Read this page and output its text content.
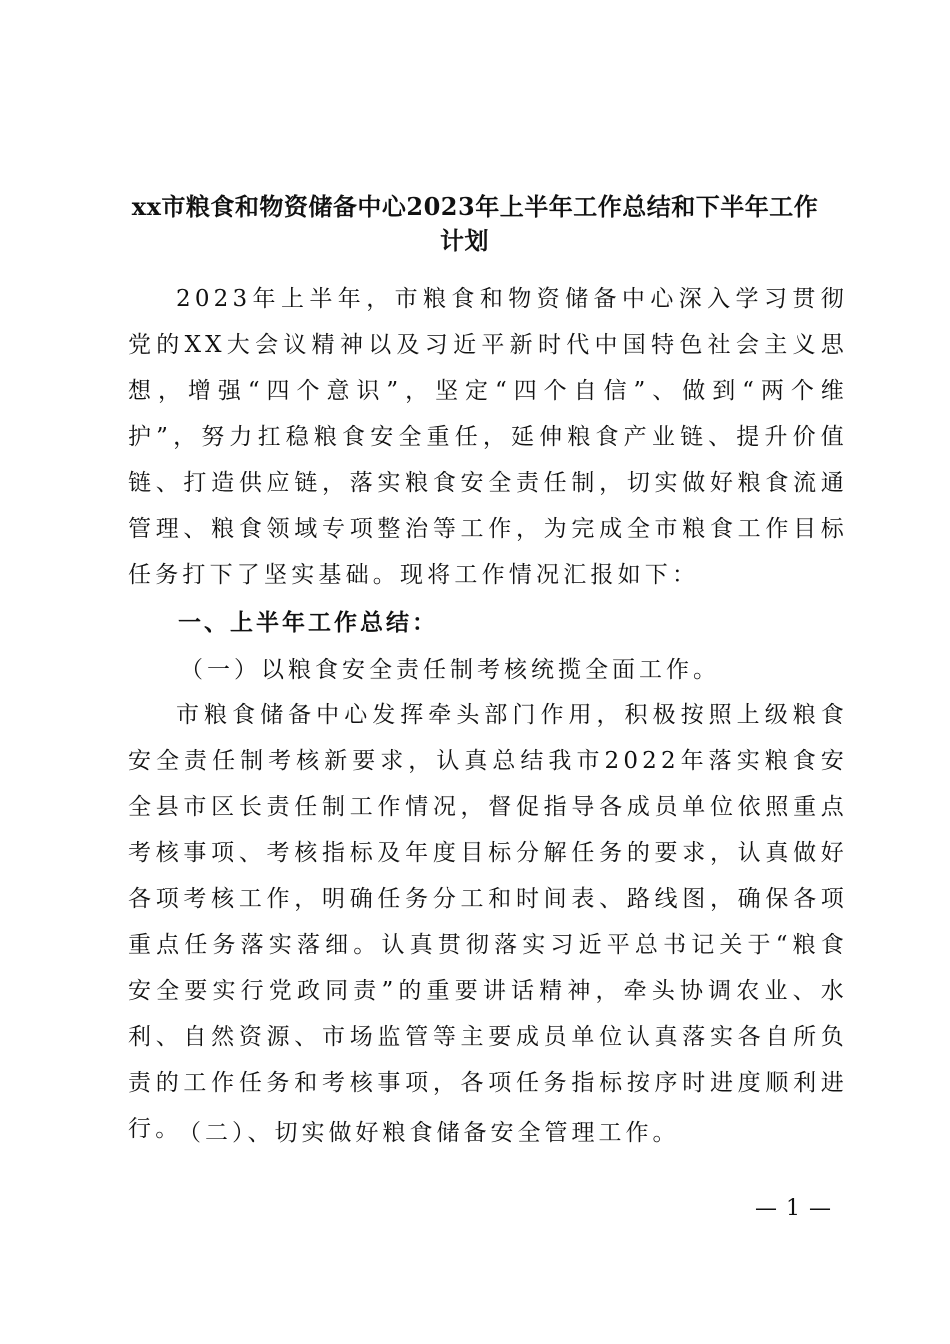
xx市粮食和物资储备中心2023年上半年工作总结和下半年工作
计划
2023年上半年，市粮食和物资储备中心深入学习贯彻党的XX大会议精神以及习近平新时代中国特色社会主义思想，增强“四个意识”，坚定“四个自信”、做到“两个维护”，努力扛稳粮食安全重任，延伸粮食产业链、提升价值链、打造供应链，落实粮食安全责任制，切实做好粮食流通管理、粮食领域专项整治等工作，为完成全市粮食工作目标任务打下了坚实基础。现将工作情况汇报如下：
一、上半年工作总结：
（一）以粮食安全责任制考核统揽全面工作。
市粮食储备中心发挥牵头部门作用，积极按照上级粮食安全责任制考核新要求，认真总结我市2022年落实粮食安全县市区长责任制工作情况，督促指导各成员单位依照重点考核事项、考核指标及年度目标分解任务的要求，认真做好各项考核工作，明确任务分工和时间表、路线图，确保各项重点任务落实落细。认真贯彻落实习近平总书记关于“粮食安全要实行党政同责”的重要讲话精神，牵头协调农业、水利、自然资源、市场监管等主要成员单位认真落实各自所负责的工作任务和考核事项，各项任务指标按序时进度顺利进行。
（二）、切实做好粮食储备安全管理工作。
— 1 —
